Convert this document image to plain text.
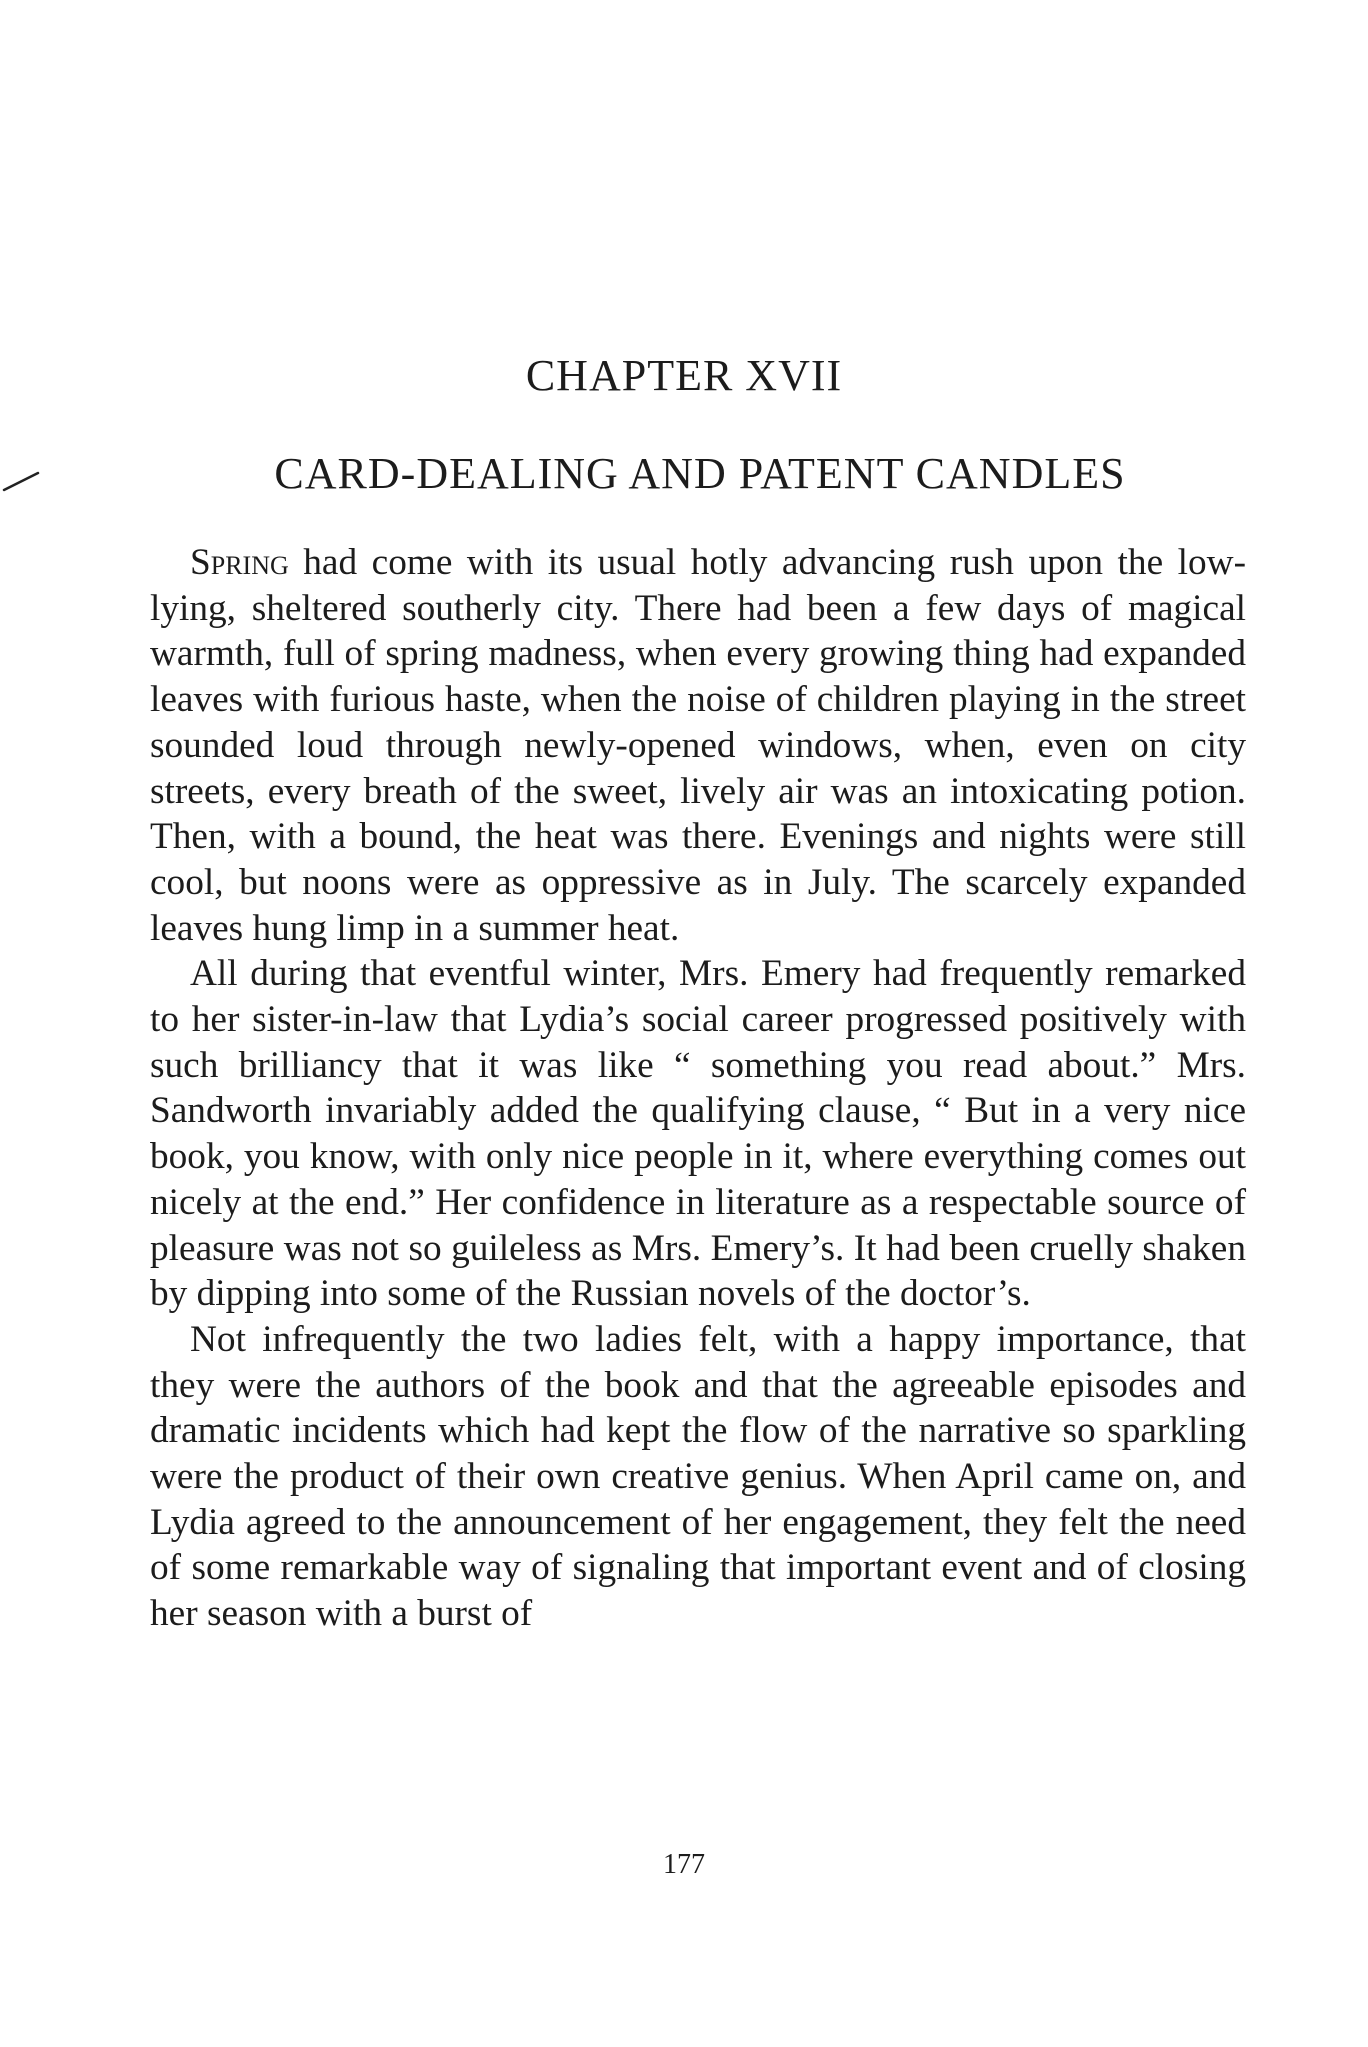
CHAPTER XVII
CARD-DEALING AND PATENT CANDLES

Spring had come with its usual hotly advancing rush upon the low-lying, sheltered southerly city. There had been a few days of magical warmth, full of spring madness, when every growing thing had expanded leaves with furious haste, when the noise of children playing in the street sounded loud through newly-opened windows, when, even on city streets, every breath of the sweet, lively air was an intoxicating potion. Then, with a bound, the heat was there. Evenings and nights were still cool, but noons were as oppressive as in July. The scarcely expanded leaves hung limp in a summer heat.

All during that eventful winter, Mrs. Emery had frequently remarked to her sister-in-law that Lydia’s social career progressed positively with such brilliancy that it was like “ something you read about.” Mrs. Sandworth invariably added the qualifying clause, “ But in a very nice book, you know, with only nice people in it, where everything comes out nicely at the end.” Her confidence in literature as a respectable source of pleasure was not so guileless as Mrs. Emery’s. It had been cruelly shaken by dipping into some of the Russian novels of the doctor’s.

Not infrequently the two ladies felt, with a happy importance, that they were the authors of the book and that the agreeable episodes and dramatic incidents which had kept the flow of the narrative so sparkling were the product of their own creative genius. When April came on, and Lydia agreed to the announcement of her engagement, they felt the need of some remarkable way of signaling that important event and of closing her season with a burst of

177
